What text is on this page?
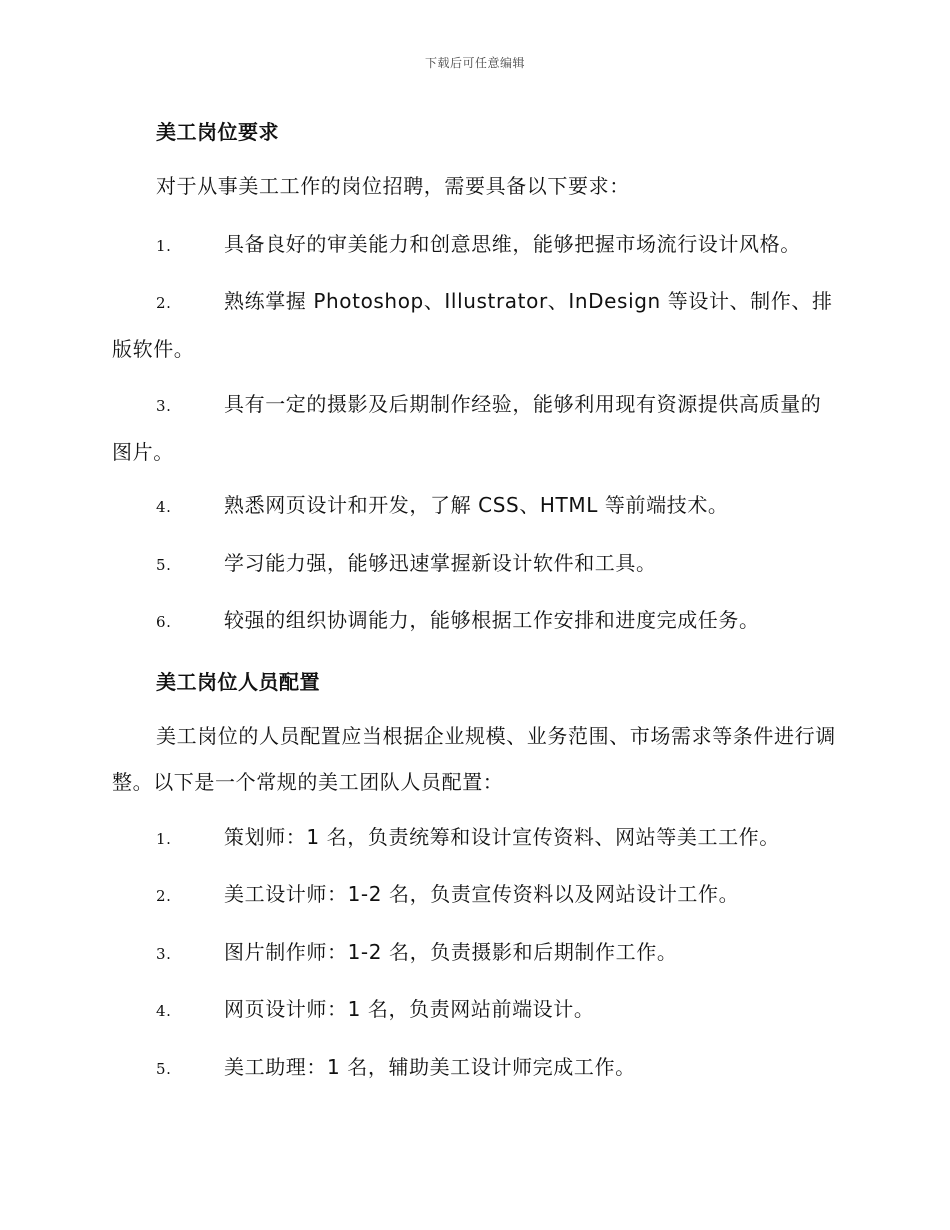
下载后可任意编辑
美工岗位要求

对于从事美工工作的岗位招聘，需要具备以下要求：

1.	具备良好的审美能力和创意思维，能够把握市场流行设计风格。

2.	熟练掌握 Photoshop、Illustrator、InDesign 等设计、制作、排版软件。

3.	具有一定的摄影及后期制作经验，能够利用现有资源提供高质量的图片。

4.	熟悉网页设计和开发，了解 CSS、HTML 等前端技术。

5.	学习能力强，能够迅速掌握新设计软件和工具。

6.	较强的组织协调能力，能够根据工作安排和进度完成任务。

美工岗位人员配置

美工岗位的人员配置应当根据企业规模、业务范围、市场需求等条件进行调整。以下是一个常规的美工团队人员配置：

1.	策划师：1 名，负责统筹和设计宣传资料、网站等美工工作。

2.	美工设计师：1-2 名，负责宣传资料以及网站设计工作。

3.	图片制作师：1-2 名，负责摄影和后期制作工作。

4.	网页设计师：1 名，负责网站前端设计。

5.	美工助理：1 名，辅助美工设计师完成工作。
